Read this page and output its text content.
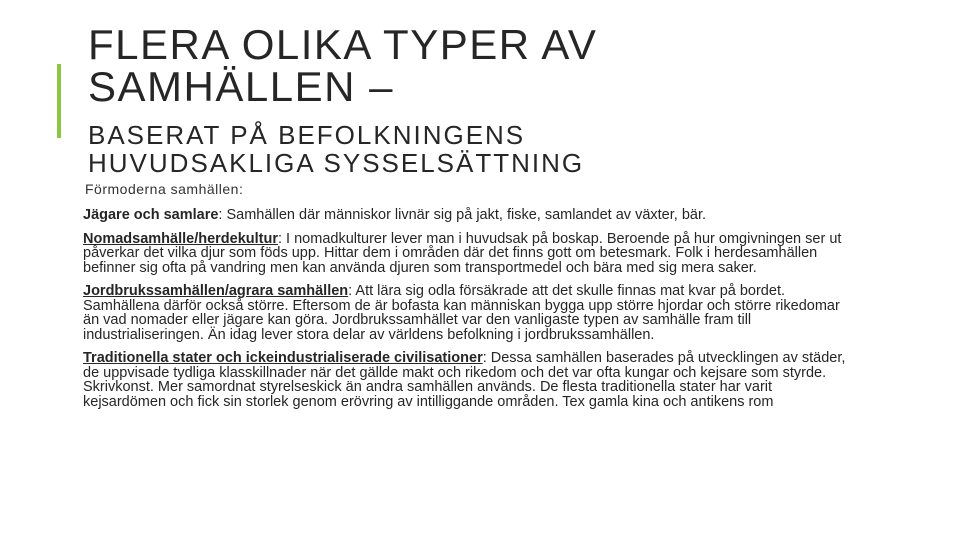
FLERA OLIKA TYPER AV
SAMHÄLLEN –
BASERAT PÅ BEFOLKNINGENS
HUVUDSAKLIGA SYSSELSÄTTNING

Förmoderna samhällen:

Jägare och samlare: Samhällen där människor livnär sig på jakt, fiske, samlandet av växter, bär.

Nomadsamhälle/herdekultur: I nomadkulturer lever man i huvudsak på boskap. Beroende på hur omgivningen ser ut påverkar det vilka djur som föds upp. Hittar dem i områden där det finns gott om betesmark. Folk i herdesamhällen befinner sig ofta på vandring men kan använda djuren som transportmedel och bära med sig mera saker.

Jordbrukssamhällen/agrara samhällen: Att lära sig odla försäkrade att det skulle finnas mat kvar på bordet. Samhällena därför också större. Eftersom de är bofasta kan människan bygga upp större hjordar och större rikedomar än vad nomader eller jägare kan göra. Jordbrukssamhället var den vanligaste typen av samhälle fram till industrialiseringen. Än idag lever stora delar av världens befolkning i jordbrukssamhällen.

Traditionella stater och ickeindustrialiserade civilisationer: Dessa samhällen baserades på utvecklingen av städer, de uppvisade tydliga klasskillnader när det gällde makt och rikedom och det var ofta kungar och kejsare som styrde. Skrivkonst. Mer samordnat styrelseskick än andra samhällen används. De flesta traditionella stater har varit kejsardömen och fick sin storlek genom erövring av intilliggande områden. Tex gamla kina och antikens rom
